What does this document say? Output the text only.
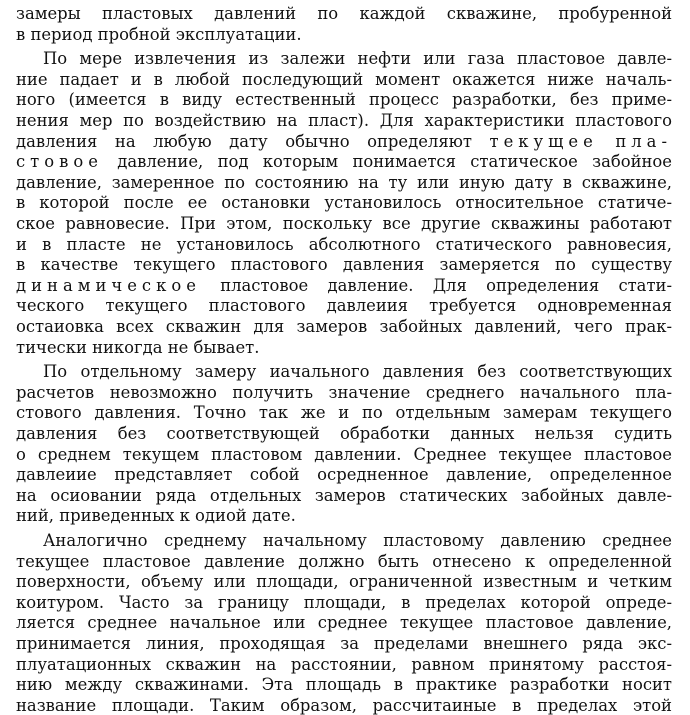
замеры пластовых давлений по каждой скважине, пробуренной
в период пробной эксплуатации.
По мере извлечения из залежи нефти или газа пластовое давле-
ние падает и в любой последующий момент окажется ниже началь-
ного (имеется в виду естественный процесс разработки, без приме-
нения мер по воздействию на пласт). Для характеристики пластового
давления на любую дату обычно определяют текущее пла-
стовое давление, под которым понимается статическое забойное
давление, замеренное по состоянию на ту или иную дату в скважине,
в которой после ее остановки установилось относительное статиче-
ское равновесие. При этом, поскольку все другие скважины работают
и в пласте не установилось абсолютного статического равновесия,
в качестве текущего пластового давления замеряется по существу
динамическое пластовое давление. Для определения стати-
ческого текущего пластового давлеиия требуется одновременная
остаиовка всех скважин для замеров забойных давлений, чего прак-
тически никогда не бывает.
По отдельному замеру иачального давления без соответствующих
расчетов невозможно получить значение среднего начального пла-
стового давления. Точно так же и по отдельным замерам текущего
давления без соответствующей обработки данных нельзя судить
о среднем текущем пластовом давлении. Среднее текущее пластовое
давлеиие представляет собой осредненное давление, определенное
на осиовании ряда отдельных замеров статических забойных давле-
ний, приведенных к одиой дате.
Аналогично среднему начальному пластовому давлению среднее
текущее пластовое давление должно быть отнесено к определенной
поверхности, объему или площади, ограниченной известным и четким
коитуром. Часто за границу площади, в пределах которой опреде-
ляется среднее начальное или среднее текущее пластовое давление,
принимается линия, проходящая за пределами внешнего ряда экс-
плуатационных скважин на расстоянии, равном принятому расстоя-
нию между скважинами. Эта площадь в практике разработки носит
название площади. Таким образом, рассчитаиные в пределах этой
